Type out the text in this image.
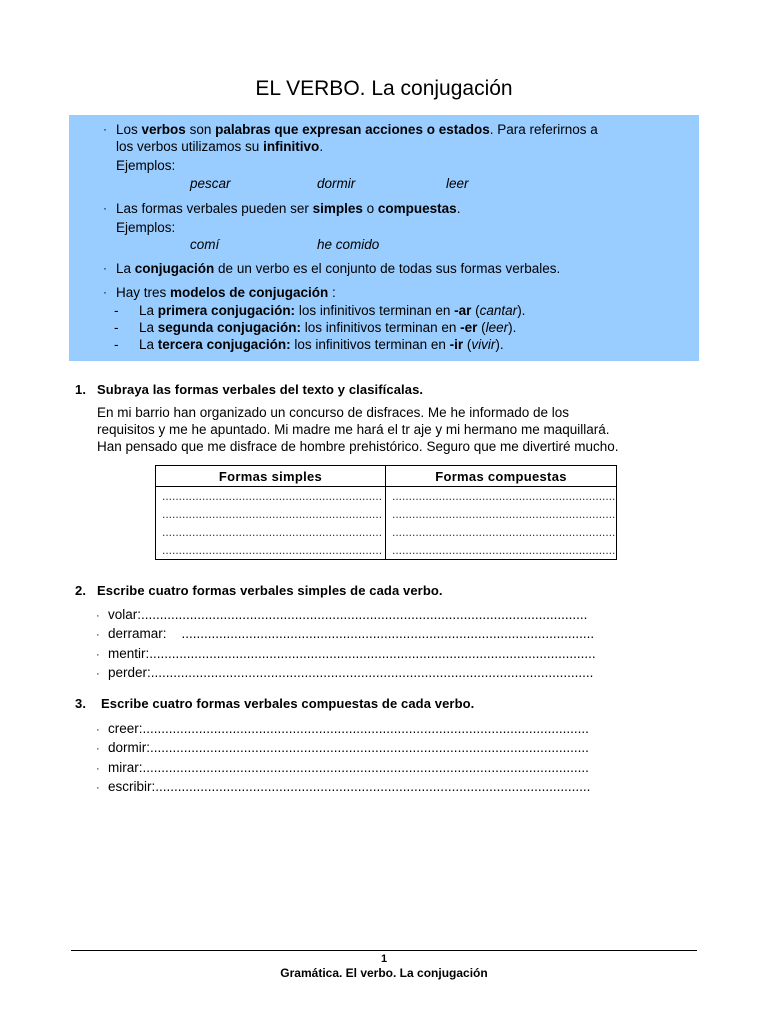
EL VERBO. La conjugación
· Los verbos son palabras que expresan acciones o estados. Para referirnos a
los verbos utilizamos su infinitivo.
Ejemplos:
pescar	dormir	leer
· Las formas verbales pueden ser simples o compuestas.
Ejemplos:
comí	he comido
· La conjugación de un verbo es el conjunto de todas sus formas verbales.
· Hay tres modelos de conjugación :
- La primera conjugación: los infinitivos terminan en -ar (cantar).
- La segunda conjugación: los infinitivos terminan en -er (leer).
- La tercera conjugación: los infinitivos terminan en -ir (vivir).
1. Subraya las formas verbales del texto y clasifícalas.
En mi barrio han organizado un concurso de disfraces. Me he informado de los
requisitos y me he apuntado. Mi madre me hará el tr aje y mi hermano me maquillará.
Han pensado que me disfrace de hombre prehistórico. Seguro que me divertiré mucho.
Formas simples	Formas compuestas
..................................................................	...................................................................
..................................................................	...................................................................
..................................................................	...................................................................
..................................................................	...................................................................
2. Escribe cuatro formas verbales simples de cada verbo.
· volar:.......................................................................................................................
· derramar:    ..............................................................................................................
· mentir:.......................................................................................................................
· perder:......................................................................................................................
3. Escribe cuatro formas verbales compuestas de cada verbo.
· creer:.......................................................................................................................
· dormir:.....................................................................................................................
· mirar:.......................................................................................................................
· escribir:....................................................................................................................
1
Gramática. El verbo. La conjugación
